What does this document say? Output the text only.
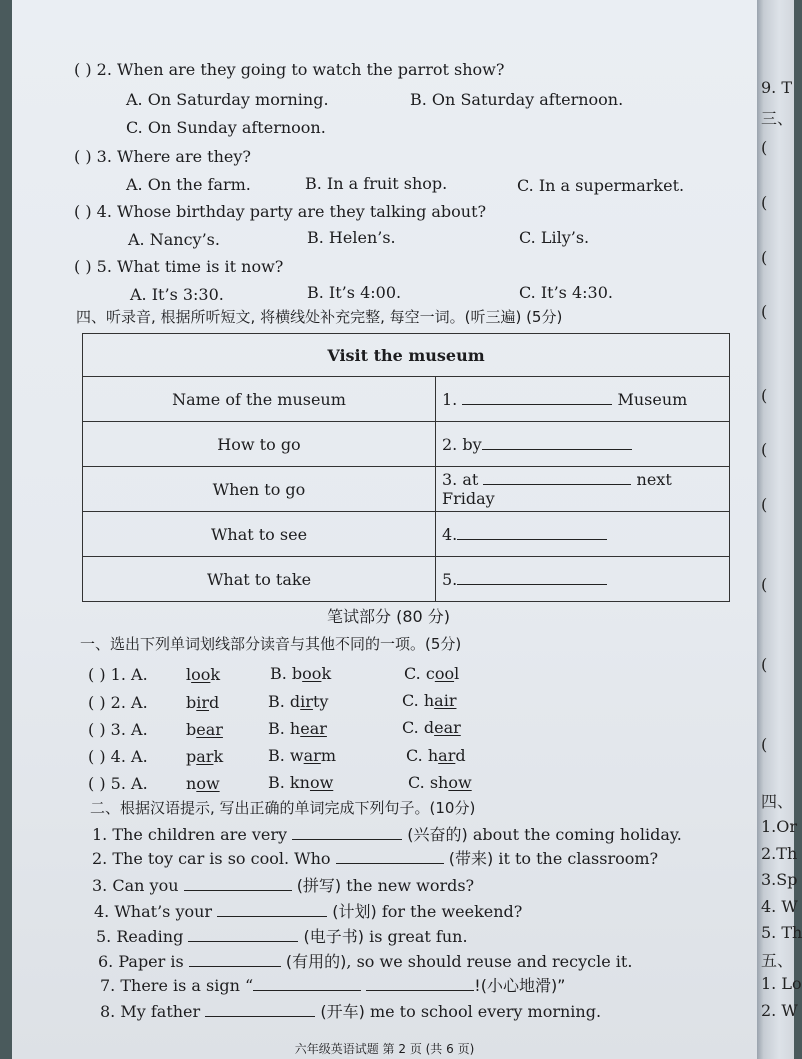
( ) 2. When are they going to watch the parrot show?
A. On Saturday morning.	B. On Saturday afternoon.
C. On Sunday afternoon.
( ) 3. Where are they?
A. On the farm.	B. In a fruit shop.	C. In a supermarket.
( ) 4. Whose birthday party are they talking about?
A. Nancy’s.	B. Helen’s.	C. Lily’s.
( ) 5. What time is it now?
A. It’s 3:30.	B. It’s 4:00.	C. It’s 4:30.
四、听录音, 根据所听短文, 将横线处补充完整, 每空一词。(听三遍) (5分)
Visit the museum	
Name of the museum	1. Museum
How to go	2. by
When to go	3. at next Friday
What to see	4.
What to take	5.
笔试部分 (80 分)
一、选出下列单词划线部分读音与其他不同的一项。(5分)
( ) 1. A. look	B. book	C. cool
( ) 2. A. bird	B. dirty	C. hair
( ) 3. A. bear	B. hear	C. dear
( ) 4. A. park	B. warm	C. hard
( ) 5. A. now	B. know	C. show
二、根据汉语提示, 写出正确的单词完成下列句子。(10分)
1. The children are very	(兴奋的) about the coming holiday.
2. The toy car is so cool. Who	(带来) it to the classroom?
3. Can you	(拼写) the new words?
4. What’s your	(计划) for the weekend?
5. Reading	(电子书) is great fun.
6. Paper is	(有用的), so we should reuse and recycle it.
7. There is a sign “	!(小心地滑)”
8. My father	(开车) me to school every morning.
六年级英语试题 第 2 页 (共 6 页)
9. T
三、
(
(
(
(
(
(
(
(
(
(
四、
1.Or
2.Th
3.Sp
4. W
5. Th
五、
1. Lo
2. W
